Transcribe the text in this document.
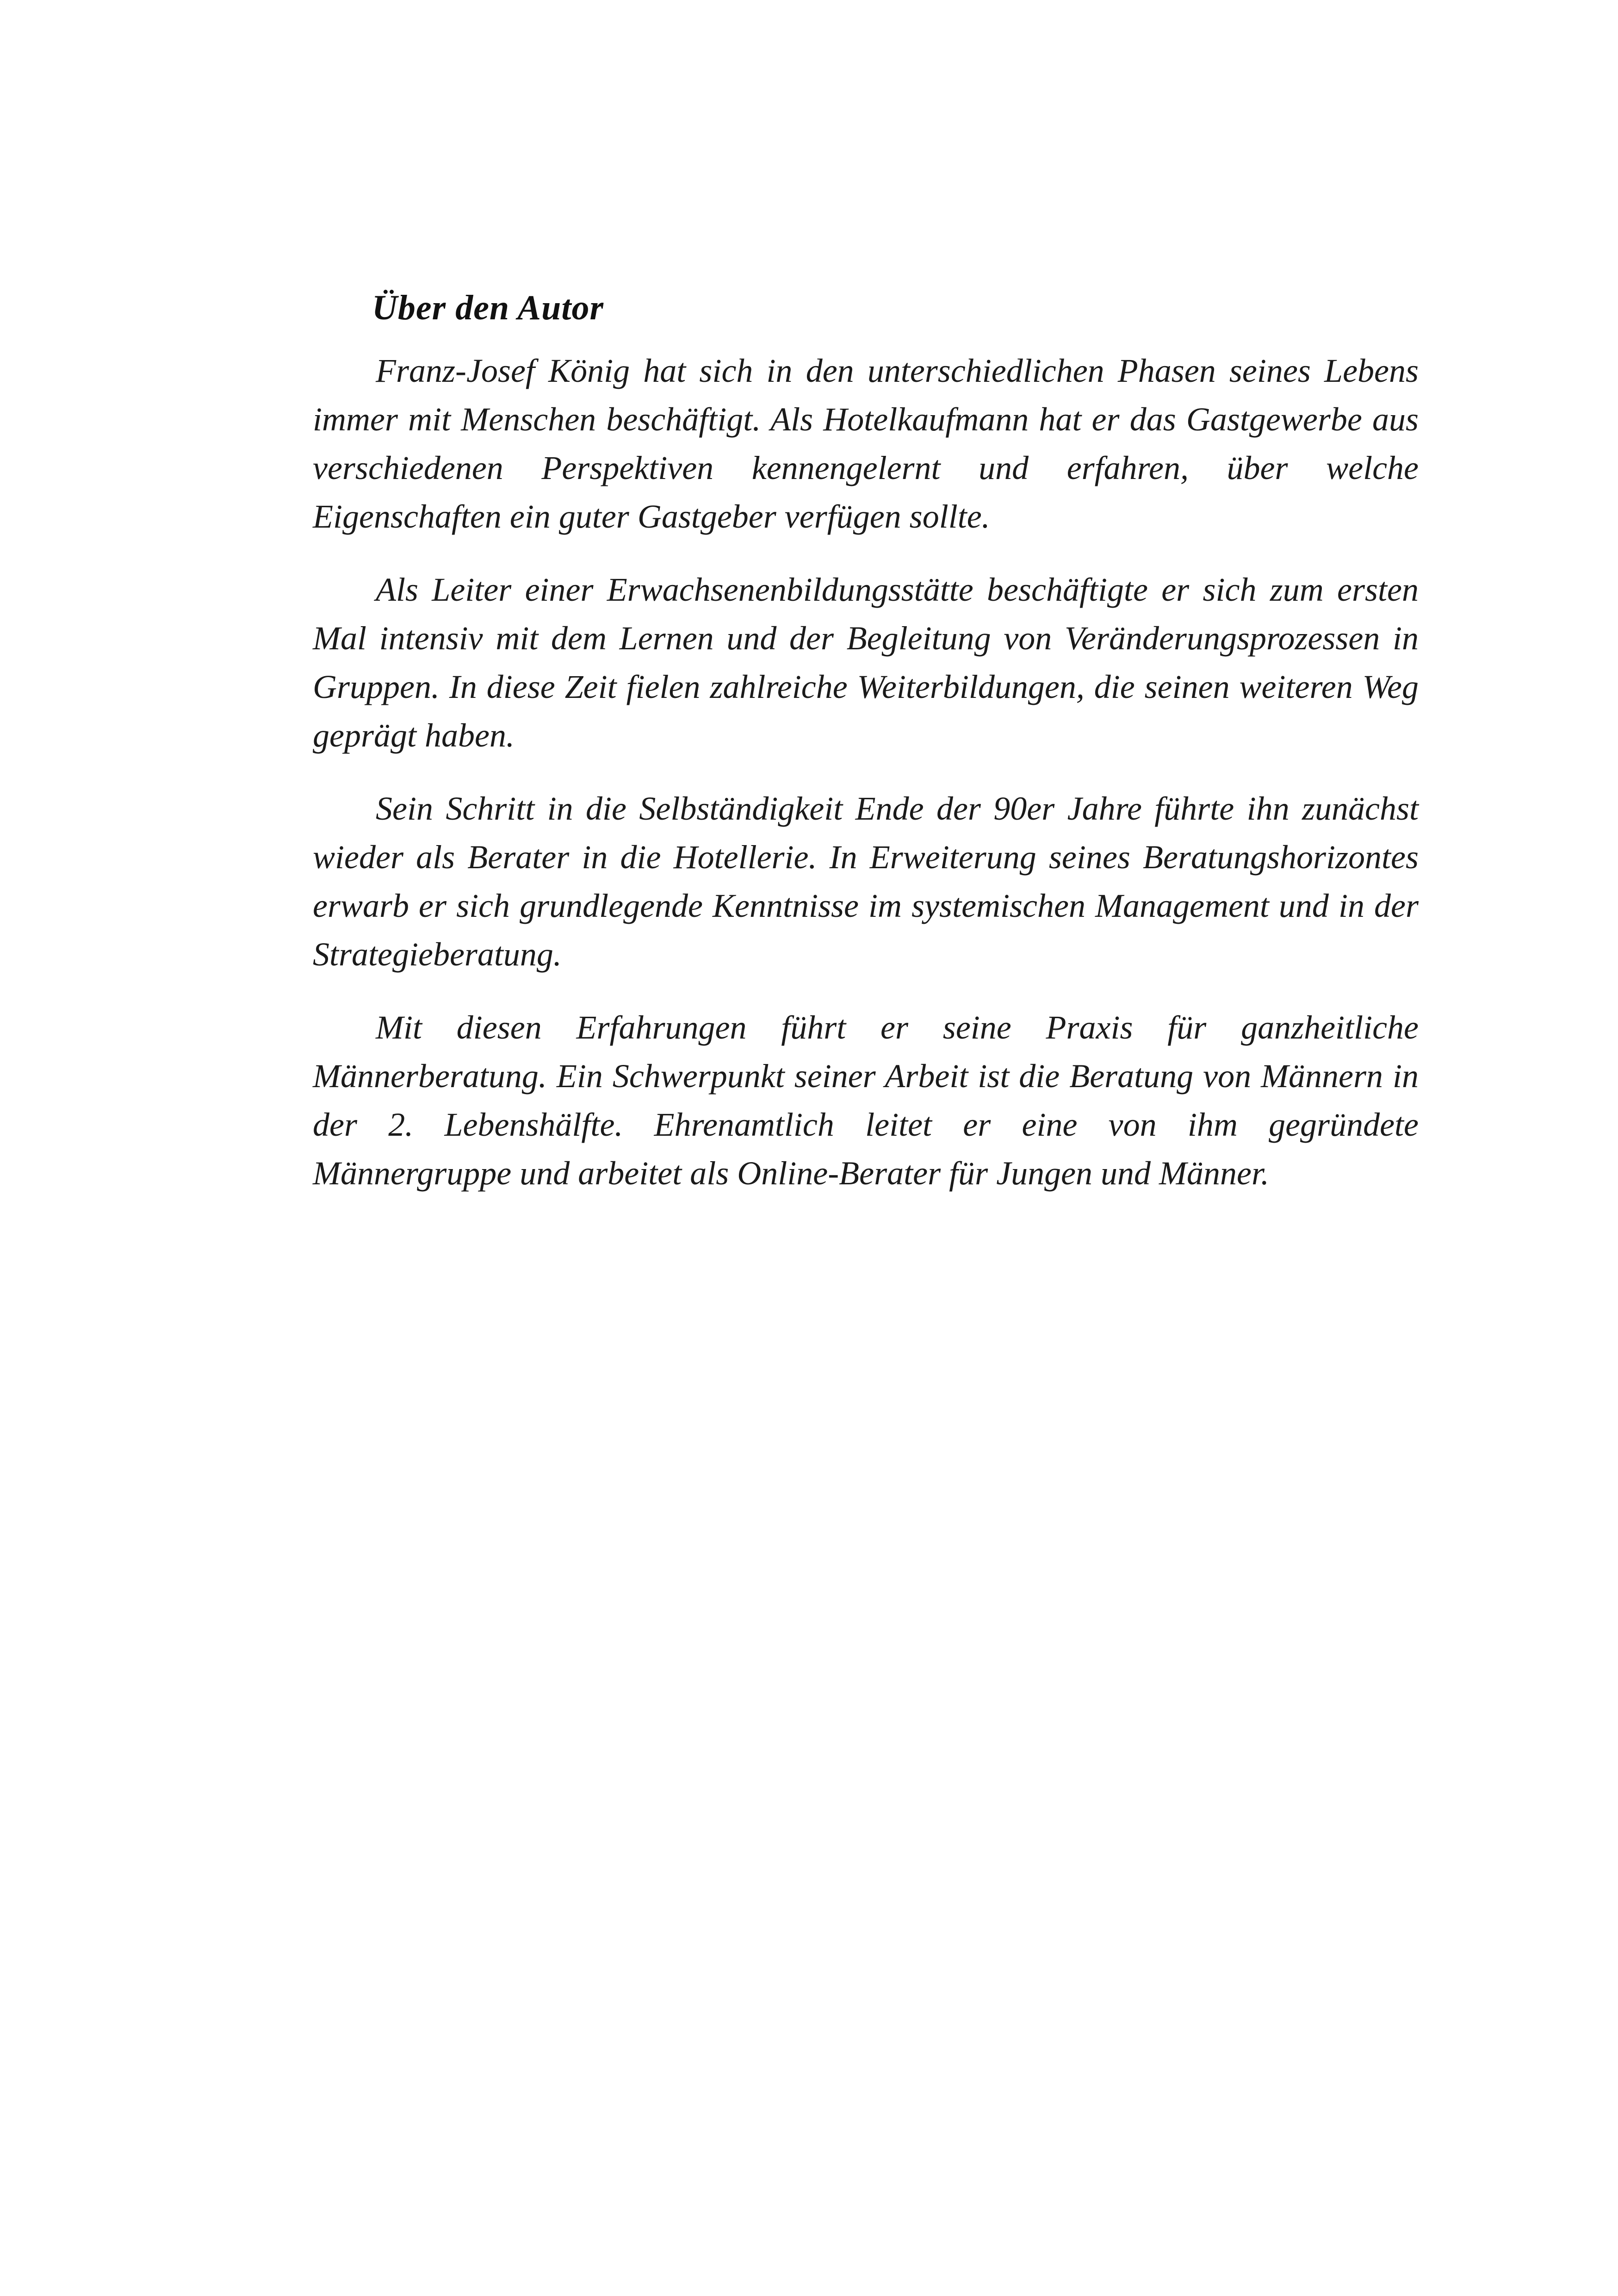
Über den Autor

Franz-Josef König hat sich in den unterschiedlichen Phasen seines Lebens immer mit Menschen beschäftigt. Als Hotelkaufmann hat er das Gastgewerbe aus verschiedenen Perspektiven kennengelernt und erfahren, über welche Eigenschaften ein guter Gastgeber verfügen sollte.

Als Leiter einer Erwachsenenbildungsstätte beschäftigte er sich zum ersten Mal intensiv mit dem Lernen und der Begleitung von Veränderungsprozessen in Gruppen. In diese Zeit fielen zahlreiche Weiterbildungen, die seinen weiteren Weg geprägt haben.

Sein Schritt in die Selbständigkeit Ende der 90er Jahre führte ihn zunächst wieder als Berater in die Hotellerie. In Erweiterung seines Beratungshorizontes erwarb er sich grundlegende Kenntnisse im systemischen Management und in der Strategieberatung.

Mit diesen Erfahrungen führt er seine Praxis für ganzheitliche Männerberatung. Ein Schwerpunkt seiner Arbeit ist die Beratung von Männern in der 2. Lebenshälfte. Ehrenamtlich leitet er eine von ihm gegründete Männergruppe und arbeitet als Online-Berater für Jungen und Männer.
